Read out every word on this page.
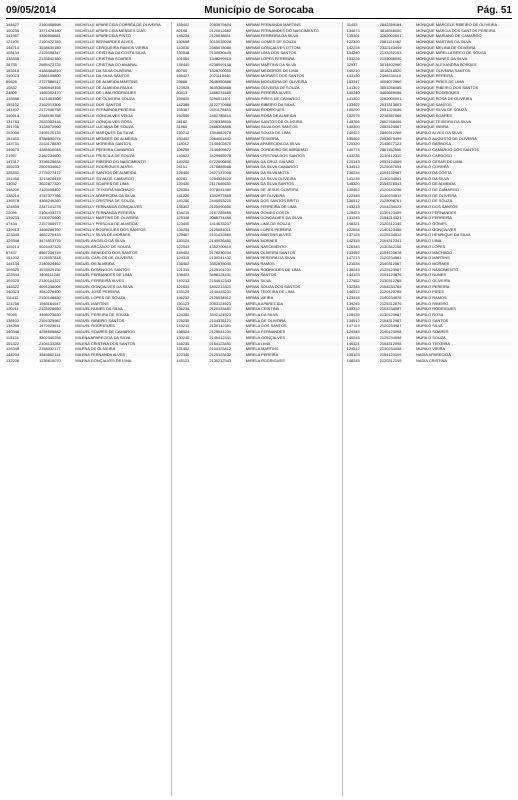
09/05/2014	Município de Sorocaba	Pág. 51
144427	2160408698	MICHELLE APARECIDA CORRÊA DE OLIVEIRA
100235	3371476180	MICHELLE APARECIDA MENDES DIAS
141957	3396506681	MICHELLE APARECIDA PINTO
121105	2160472789	MICHELLE BERNARDES ALVES
144714	3538630180	MICHELLE CERQUEIRA RAMOS VIEIRA
108134	2125058347	MICHELLE CRISTINA DA COSTA SILVA
138335	2133542380	MICHELLE CRISTINA SOARES
28755	2685473725	MICHELLE CRISTINA DO AMARAL
153218	4185484810	MICHELLE DA SILVA OLIVEIRA
140023	2685105800	MICHELLE DA SILVA SANTOS
60626	2727586917	MICHELLE DE ALMEIDA MARTINS
10832	2486940168	MICHELLE DE ALMEIDA PAULA
24809	1465302470	MICHELLE DE LIMA RODRIGUES
135598	3121063508	MICHELLE DE OLIVEIRA SOUZA
153102	2162013306	MICHELLE DOS SANTOS
141407	2172046758	MICHELLE FERNANDA PEREIRA
140514	2348190768	MICHELLE GONCALVES VEIGA
131783	2633353446	MICHELLE GONÇALVES ROSA
151706	3128072960	MICHELLE LUCIANA DE SOUZA
102008	2499120133	MICHELLE MARQUES DA SILVA
151163	5788690074	MICHELLE MENDES DE ALMEIDA
143731	2233178830	MICHELLE MOREIRA SANTOS
149675	4285510048	MICHELLE PEREIRA CAMARGO
21957	2162234600	MICHELLE PRISCILA DE SOUZA
147317	3798125634	MICHELLE RIBEIRO DO NASCIMENTO
155233	2502534562	MICHELLE RODRIGUES ALVES
125332	2775077472	MICHELLE SANTOS DE ALMEIDA
151356	3213826445	MICHELLE SILVA DE CAMARGO
13032	3622877320	MICHELLE SOARES DE LIMA
148200	2125058402	MICHELLE TEIXEIRA MACHADO
138214	4747377766	MICHELLY APARECIDA DA SILVA
136578	4368246260	MICHELLY CRISTINA DE SOUZA
124455	2347101278	MICHELLY FERNANDA GONÇALVES
22099	2104433273	MICHELLY FERNANDA PEREIRA
139233	2130070600	MICHELLY MARTINS DE OLIVEIRA
47434	2157065977	MICHELLY PRISCILA DE ALMEIDA
139913	3498266760	MICHELLY RODRIGUES DOS SANTOS
123345	4652270433	MICHELLY SILVA DE MORAES
129348	3474513776	MIGUEL ANGELO DA SILVA
125214	5025437325	MIGUEL ARCANJO DE SOUZA
87437	8567236749	MIGUEL BENEDITO DOS SANTOS
151202	2125057818	MIGUEL CARLOS DE OLIVEIRA
144134	2140024462	MIGUEL DE ALMEIDA
109325	3578029156	MIGUEL DOMINGOS SANTOS
122544	1408111240	MIGUEL FERNANDES DE LIMA
109325	2130104327	MIGUEL FERREIRA ALVES
148322	4091238004	MIGUEL GONÇALVES DA SILVA
140323	3542276400	MIGUEL JOSÉ PEREIRA
111412	2130148830	MIGUEL LOPES DE SOUZA
124756	1948164547	MIGUEL MARTINS
120211	2125028650	MIGUEL NUNES DA SILVA
79045	3498273630	MIGUEL PEREIRA DE SOUZA
138102	2154325987	MIGUEL RIBEIRO SANTOS
134256	1472025611	MIGUEL RODRIGUES
140348	4255505682	MIGUEL SOARES DE CAMARGO
113124	3302340256	MILENA APARECIDA DA SILVA
151322	2104133284	MILENA CRISTINA DOS SANTOS
126345	2158032177	MILENA DE OLIVEIRA
144204	3345562114	MILENA FERNANDA ALVES
132208	1236610070	MILENA GONÇALVES DE LIMA
155402	2053679404	MIRIAM FERNANDA MARTINS
82198	2120012662	MIRIAM FERNANDES DO NASCIMENTO
145234	2125038811	MIRIAM FERREIRA DA SILVA
130698	3015035028	MIRIAM GOMES DE SOUZA
143030	2385078080	MIRIAM GONÇALVES OTTONI
130548	2130030445	MIRIAM LIMA DOS SANTOS
101054	1348299910	MIRIAM LOPES FERREIRA
136440	8238069148	MIRIAM MARTINS DA SILVA
80760	1326700050	MIRIAM MEDEIROS DE LIMA
155427	2021115440	MIRIAM MORAES DOS SANTOS
23666	2646950586	MIRIAM NOGUEIRA DE OLIVEIRA
123928	3635365888	MIRIAM OLIVEIRA DE SOUZA
80413	1466231680	MIRIAM PEREIRA ALVES
155826	3296511401	MIRIAM PIRES DE CAMARGO
142385	3122770966	MIRIAM RIBEIRO DA SILVA
155367	2401179483	MIRIAM RODRIGUES
152550	2451785810	MIRIAM ROSA DE ALMEIDA
28182	2236338505	MIRIAM SANTOS DE OLIVEIRA
31965	2466304896	MIRIAM SILVA DOS SANTOS
130212	1394682678	MIRIAM SOUZA DE LIMA
150402	2964061442	MIRIAM TEIXEIRA
118012	2140402870	MIRIAN APARECIDA DA SILVA
108259	2140409872	MIRIAN CORDEIRO DE ABRAHAO
140623	3429965978	MIRIAN CRISTINA DOS SANTOS
140252	6722000600	MIRIAN DA CRUZ GALVAO
24101	2176885588	MIRIAN DA SILVA CAMARGO
126400	2427137008	MIRIAN DA SILVA MOTA
60281	2254524620	MIRIAN DA SILVA OLIVEIRA
120430	2117640630	MIRIAN DA SILVA SANTOS
125354	2078041980	MIRIAN DE JESUS OLIVEIRA
141220	1302977669	MIRIAN DE OLIVEIRA
140250	2440053220	MIRIAN DOS SANTOS BRITO
135302	2125090550	MIRIAN FERREIRA DE LIMA
134219	2167285455	MIRIAN GOMES COSTA
125348	2086774460	MIRIAN GONÇALVES DA SILVA
123445	1414633207	MIRIAN LIMA DE SOUZA
135234	2125081011	MIRIAN LOPES PEREIRA
125467	2101432860	MIRIAN MARTINS ALVES
130124	2140026451	MIRIAN MORAES
122543	4352700610	MIRIAN NASCIMENTO
149402	2178230234	MIRIAN OLIVEIRA SANTOS
124315	2130241432	MIRIAN PEREIRA DA SILVA
136402	3352678040	MIRIAN RAMOS
121315	2125101231	MIRIAN RODRIGUES DE LIMA
136423	3498124431	MIRIAN SANTOS
140213	2154612343	MIRIAN SILVA
122534	1402213321	MIRIAN SOUZA DOS SANTOS
133125	2140433231	MIRIAN TEIXEIRA DE LIMA
146232	2125034512	MIRIAN VIEIRA
150123	2053124523	MIRELA APARECIDA
136234	2120133451	MIRELA CRISTINA
124352	3342124523	MIRELA DA SILVA
125235	2104335121	MIRELA DE OLIVEIRA
143215	2130142351	MIRELA DOS SANTOS
136524	2125041231	MIRELA FERNANDES
130245	2140412341	MIRELA GONÇALVES
148235	2154123451	MIRELA LIMA
131452	2104123412	MIRELA MARTINS
122345	2125123432	MIRELA PEREIRA
145123	2130212343	MIRELA RODRIGUES
31453	2842259184	MONIQUE MARCELE RIBEIRO DE OLIVEIRA
134873	4818946000	MONIQUE MARCIA DOS SANTOS PEREIRA
135301	3262002001	MONIQUE MARIANO DE CAMARGO
122320	2081121462	MONIQUE MARTINS DA SILVA
142228	2332143449	MONIQUE MELINA DE OLIVEIRA
134240	2133252103	MONIQUE MIRELLA BRITO DE SOUSA
153226	2125036030	MONIQUE NUNES DA SILVA
32937	3014402960	MONIQUE ALEXANDRA BORGES
140210	3018218520	MONIQUE OLIVEIRA SANTOS
143130	2498230110	MONIQUE PEREIRA
153347	4004072960	MONIQUE PIRES DE LIMA
141302	3653258085	MONIQUE RIBEIRO DOS SANTOS
140240	3465689056	MONIQUE RODRIGUES
141302	3262000001	MONIQUE ROSA DE OLIVEIRA
133402	2033313603	MONIQUE SANTOS
140200	2051223056	MONIQUE SILVA DE SOUZA
152075	2716357066	MONIQUE SOARES
145766	2662768406	MONIQUE TEIXEIRA DA SILVA
140300	2053124567	MONIQUE VIEIRA
140422	2540312268	MURILO ALVES DA SILVA
155402	2053679499	MURILO AUGUSTO DE OLIVEIRA
125320	2145677123	MURILO BARBOSA
140774	2861152650	MURILO CAMARGO DOS SANTOS
143235	2130412310	MURILO CARDOSO
120143	2053124589	MURILO CESAR DE LIMA
134512	2125087654	MURILO CORREA
136234	2104132987	MURILO DA COSTA
141235	2130234561	MURILO DA SILVA
145320	2154376543	MURILO DE ALMEIDA
130452	2120143256	MURILO DE CAMARGO
122345	2140234512	MURILO DE OLIVEIRA
136512	2125098761	MURILO DE SOUZA
143215	2104234123	MURILO DOS SANTOS
125423	2130123459	MURILO FERNANDES
131245	2154214321	MURILO FERREIRA
148321	2120312345	MURILO GOMES
122534	2140123456	MURILO GONÇALVES
137125	2125134512	MURILO HENRIQUE DA SILVA
142315	2104312341	MURILO LIMA
126345	2130342156	MURILO LOPES
133452	2154123678	MURILO MACHADO
147213	2120234561	MURILO MARTINS
121534	2140312567	MURILO MORAES
138245	2125123987	MURILO NASCIMENTO
144123	2104123876	MURILO NUNES
127452	2130312765	MURILO OLIVEIRA
132345	2154234765	MURILO PEREIRA
146512	2120123765	MURILO PIRES
123415	2140234876	MURILO RAMOS
139245	2125312876	MURILO RIBEIRO
145312	2104234987	MURILO RODRIGUES
128435	2130123987	MURILO ROSA
134512	2154312987	MURILO SANTOS
147123	2120234987	MURILO SILVA
124345	2140123098	MURILO SOARES
140245	2125234098	MURILO SOUZA
146321	2104312098	MURILO TEIXEIRA
129512	2130234098	MURILO VIEIRA
135123	2154123109	NADIA APARECIDA
148245	2120312109	NADIA CRISTINA
